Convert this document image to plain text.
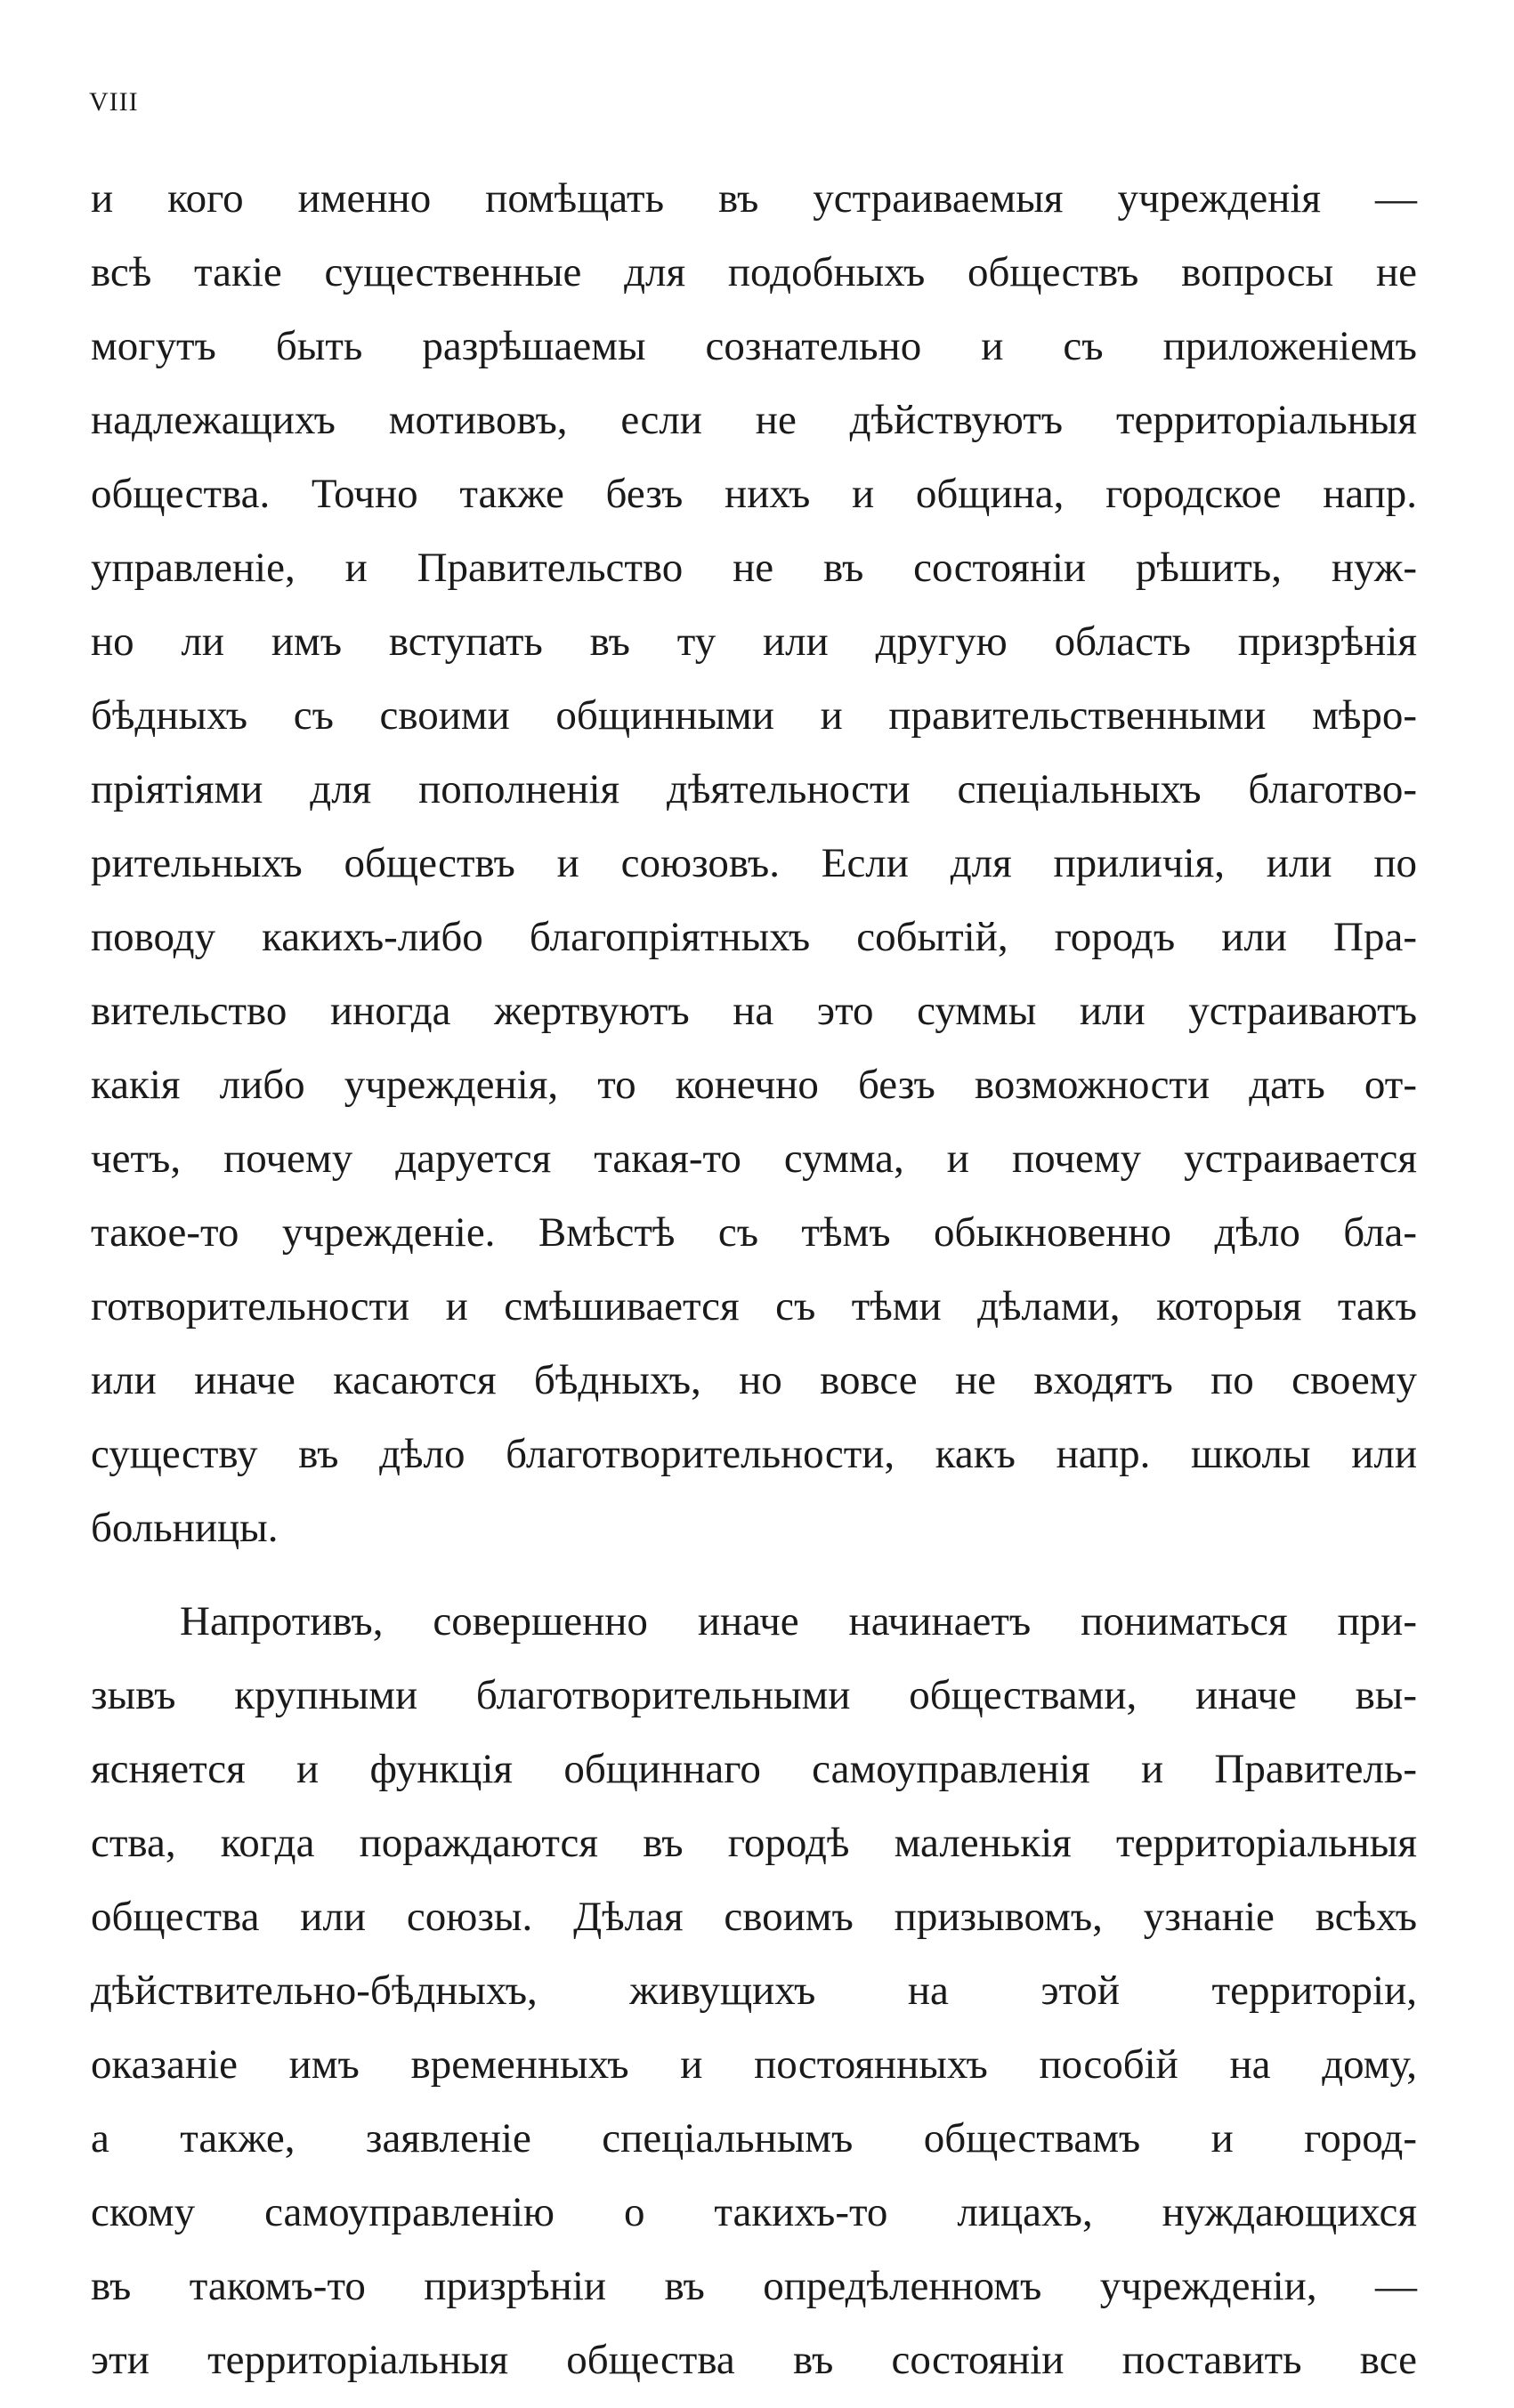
VIII
и кого именно помѣщать въ устраиваемыя учрежденія —
всѣ такіе существенные для подобныхъ обществъ вопросы не
могутъ быть разрѣшаемы сознательно и съ приложеніемъ
надлежащихъ мотивовъ, если не дѣйствуютъ территоріальныя
общества. Точно также безъ нихъ и община, городское напр.
управленіе, и Правительство не въ состояніи рѣшить, нуж-
но ли имъ вступать въ ту или другую область призрѣнія
бѣдныхъ съ своими общинными и правительственными мѣро-
пріятіями для пополненія дѣятельности спеціальныхъ благотво-
рительныхъ обществъ и союзовъ. Если для приличія, или по
поводу какихъ-либо благопріятныхъ событій, городъ или Пра-
вительство иногда жертвуютъ на это суммы или устраиваютъ
какія либо учрежденія, то конечно безъ возможности дать от-
четъ, почему даруется такая-то сумма, и почему устраивается
такое-то учрежденіе. Вмѣстѣ съ тѣмъ обыкновенно дѣло бла-
готворительности и смѣшивается съ тѣми дѣлами, которыя такъ
или иначе касаются бѣдныхъ, но вовсе не входятъ по своему
существу въ дѣло благотворительности, какъ напр. школы или
больницы.
Напротивъ, совершенно иначе начинаетъ пониматься при-
зывъ крупными благотворительными обществами, иначе вы-
ясняется и функція общиннаго самоуправленія и Правитель-
ства, когда пораждаются въ городѣ маленькія территоріальныя
общества или союзы. Дѣлая своимъ призывомъ, узнаніе всѣхъ
дѣйствительно-бѣдныхъ, живущихъ на этой территоріи,
оказаніе имъ временныхъ и постоянныхъ пособій на дому,
а также, заявленіе спеціальнымъ обществамъ и город-
скому самоуправленію о такихъ-то лицахъ, нуждающихся
въ такомъ-то призрѣніи въ опредѣленномъ учрежденіи, —
эти территоріальныя общества въ состояніи поставить все
